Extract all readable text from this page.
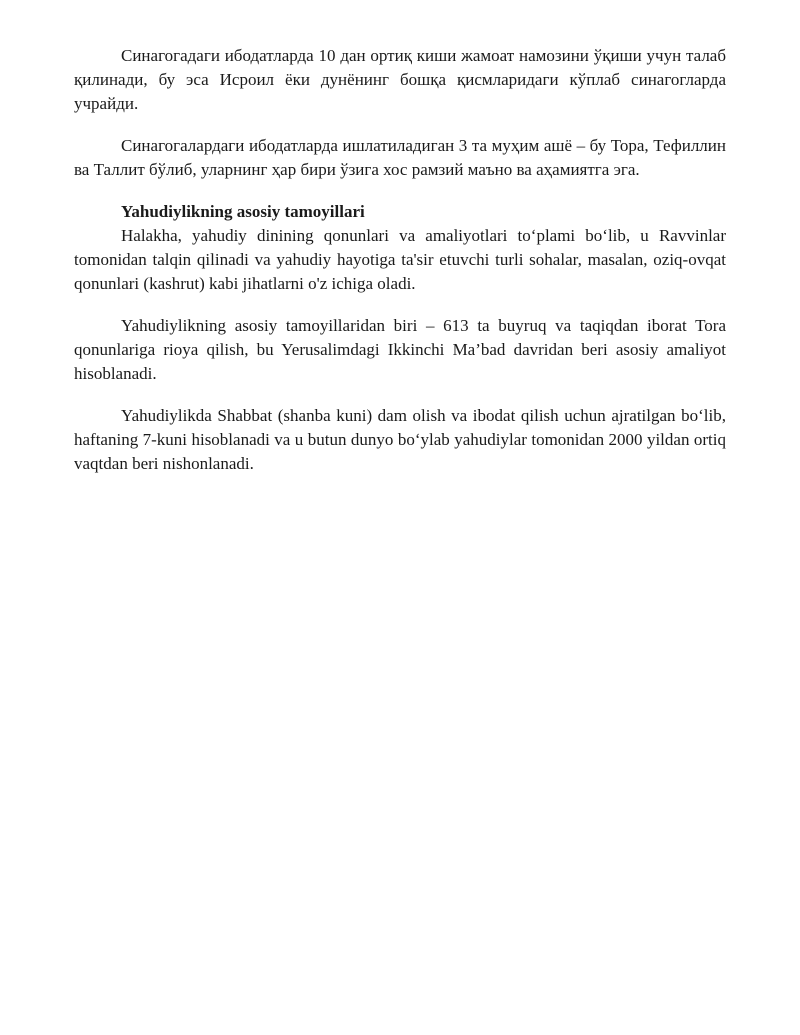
Синагогадаги ибодатларда 10 дан ортиқ киши жамоат намозини ўқиши учун талаб қилинади, бу эса Исроил ёки дунёнинг бошқа қисмларидаги кўплаб синагогларда учрайди.

Синагогалардаги ибодатларда ишлатиладиган 3 та муҳим ашё – бу Тора, Тефиллин ва Таллит бўлиб, уларнинг ҳар бири ўзига хос рамзий маъно ва аҳамиятга эга.

Yahudiylikning asosiy tamoyillari

Halakha, yahudiy dinining qonunlari va amaliyotlari to‘plami bo‘lib, u Ravvinlar tomonidan talqin qilinadi va yahudiy hayotiga ta'sir etuvchi turli sohalar, masalan, oziq-ovqat qonunlari (kashrut) kabi jihatlarni o'z ichiga oladi.

Yahudiylikning asosiy tamoyillaridan biri – 613 ta buyruq va taqiqdan iborat Tora qonunlariga rioya qilish, bu Yerusalimdagi Ikkinchi Ma’bad davridan beri asosiy amaliyot hisoblanadi.

Yahudiylikda Shabbat (shanba kuni) dam olish va ibodat qilish uchun ajratilgan bo‘lib, haftaning 7-kuni hisoblanadi va u butun dunyo bo‘ylab yahudiylar tomonidan 2000 yildan ortiq vaqtdan beri nishonlanadi.
